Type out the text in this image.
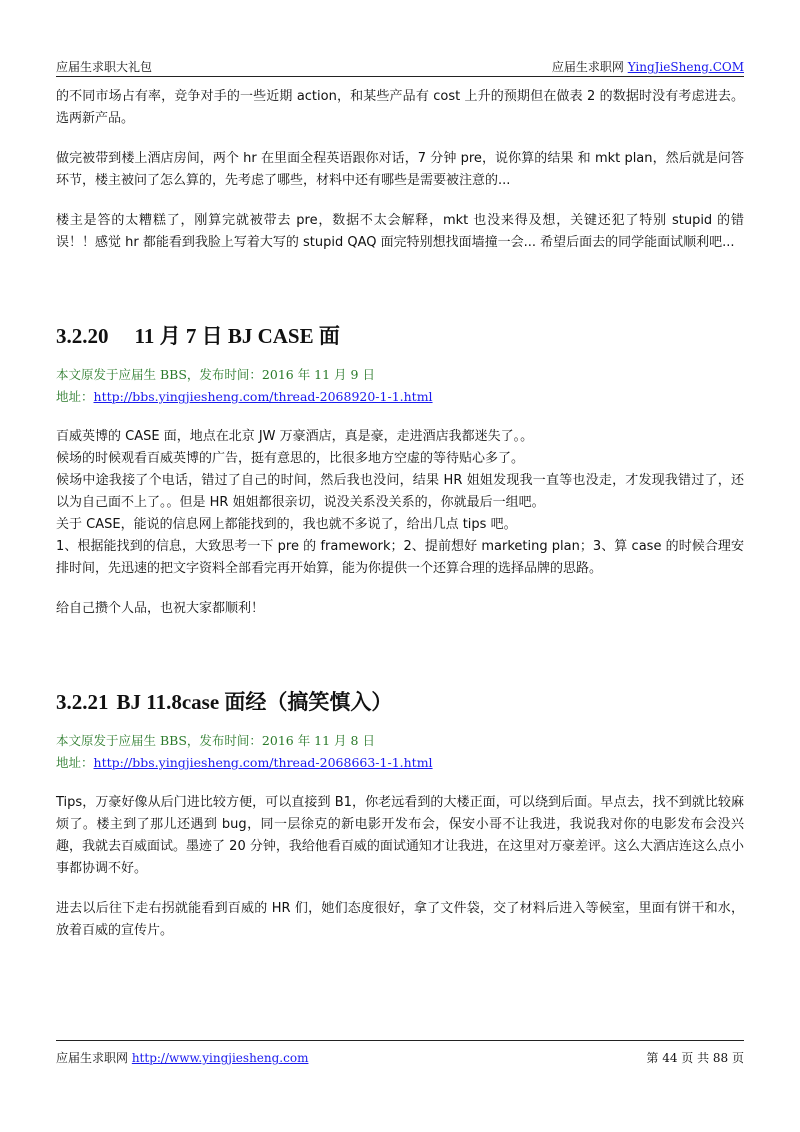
应届生求职大礼包	应届生求职网 YingJieSheng.COM

的不同市场占有率，竞争对手的一些近期 action，和某些产品有 cost 上升的预期但在做表 2 的数据时没有考虑进去。选两新产品。

做完被带到楼上酒店房间，两个 hr 在里面全程英语跟你对话，7 分钟 pre，说你算的结果 和 mkt plan，然后就是问答环节，楼主被问了怎么算的，先考虑了哪些，材料中还有哪些是需要被注意的...

楼主是答的太糟糕了，刚算完就被带去 pre，数据不太会解释，mkt 也没来得及想，关键还犯了特别 stupid 的错误！！感觉 hr 都能看到我脸上写着大写的 stupid QAQ 面完特别想找面墙撞一会... 希望后面去的同学能面试顺利吧...

3.2.20 11 月 7 日 BJ CASE 面
本文原发于应届生 BBS，发布时间：2016 年 11 月 9 日
地址：http://bbs.yingjiesheng.com/thread-2068920-1-1.html

百威英博的 CASE 面，地点在北京 JW 万豪酒店，真是豪，走进酒店我都迷失了。。

候场的时候观看百威英博的广告，挺有意思的，比很多地方空虚的等待贴心多了。

候场中途我接了个电话，错过了自己的时间，然后我也没问，结果 HR 姐姐发现我一直等也没走，才发现我错过了，还以为自己面不上了。。但是 HR 姐姐都很亲切，说没关系没关系的，你就最后一组吧。

关于 CASE，能说的信息网上都能找到的，我也就不多说了，给出几点 tips 吧。

1、根据能找到的信息，大致思考一下 pre 的 framework；2、提前想好 marketing plan；3、算 case 的时候合理安排时间，先迅速的把文字资料全部看完再开始算，能为你提供一个还算合理的选择品牌的思路。

给自己攒个人品，也祝大家都顺利！

3.2.21 BJ 11.8case 面经（搞笑慎入）
本文原发于应届生 BBS，发布时间：2016 年 11 月 8 日
地址：http://bbs.yingjiesheng.com/thread-2068663-1-1.html

Tips，万豪好像从后门进比较方便，可以直接到 B1，你老远看到的大楼正面，可以绕到后面。早点去，找不到就比较麻烦了。楼主到了那儿还遇到 bug，同一层徐克的新电影开发布会，保安小哥不让我进，我说我对你的电影发布会没兴趣，我就去百威面试。墨迹了 20 分钟，我给他看百威的面试通知才让我进，在这里对万豪差评。这么大酒店连这么点小事都协调不好。

进去以后往下走右拐就能看到百威的 HR 们，她们态度很好，拿了文件袋，交了材料后进入等候室，里面有饼干和水，放着百威的宣传片。

应届生求职网 http://www.yingjiesheng.com	第 44 页 共 88 页
